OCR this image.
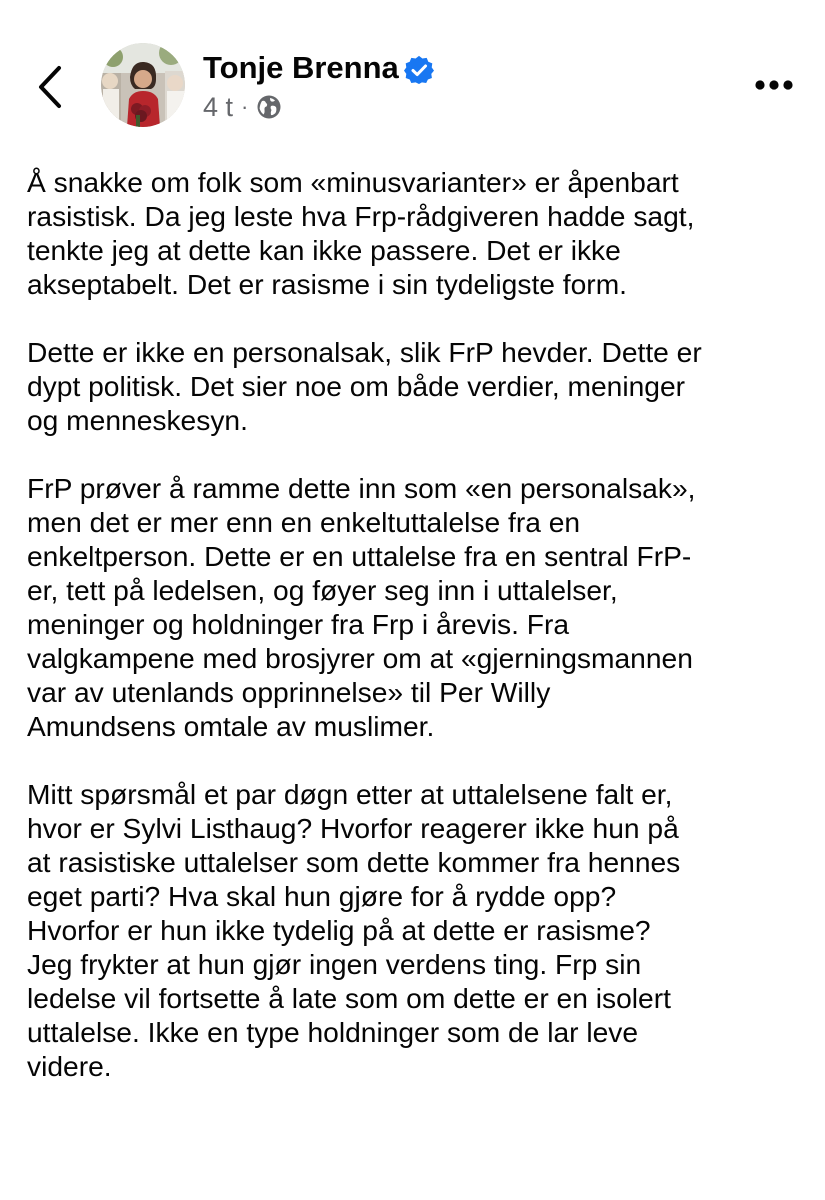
Tonje Brenna
4 t ·
Å snakke om folk som «minusvarianter» er åpenbart
rasistisk. Da jeg leste hva Frp-rådgiveren hadde sagt,
tenkte jeg at dette kan ikke passere. Det er ikke
akseptabelt. Det er rasisme i sin tydeligste form.
Dette er ikke en personalsak, slik FrP hevder. Dette er
dypt politisk. Det sier noe om både verdier, meninger
og menneskesyn.
FrP prøver å ramme dette inn som «en personalsak»,
men det er mer enn en enkeltuttalelse fra en
enkeltperson. Dette er en uttalelse fra en sentral FrP-
er, tett på ledelsen, og føyer seg inn i uttalelser,
meninger og holdninger fra Frp i årevis. Fra
valgkampene med brosjyrer om at «gjerningsmannen
var av utenlands opprinnelse» til Per Willy
Amundsens omtale av muslimer.
Mitt spørsmål et par døgn etter at uttalelsene falt er,
hvor er Sylvi Listhaug? Hvorfor reagerer ikke hun på
at rasistiske uttalelser som dette kommer fra hennes
eget parti? Hva skal hun gjøre for å rydde opp?
Hvorfor er hun ikke tydelig på at dette er rasisme?
Jeg frykter at hun gjør ingen verdens ting. Frp sin
ledelse vil fortsette å late som om dette er en isolert
uttalelse. Ikke en type holdninger som de lar leve
videre.
